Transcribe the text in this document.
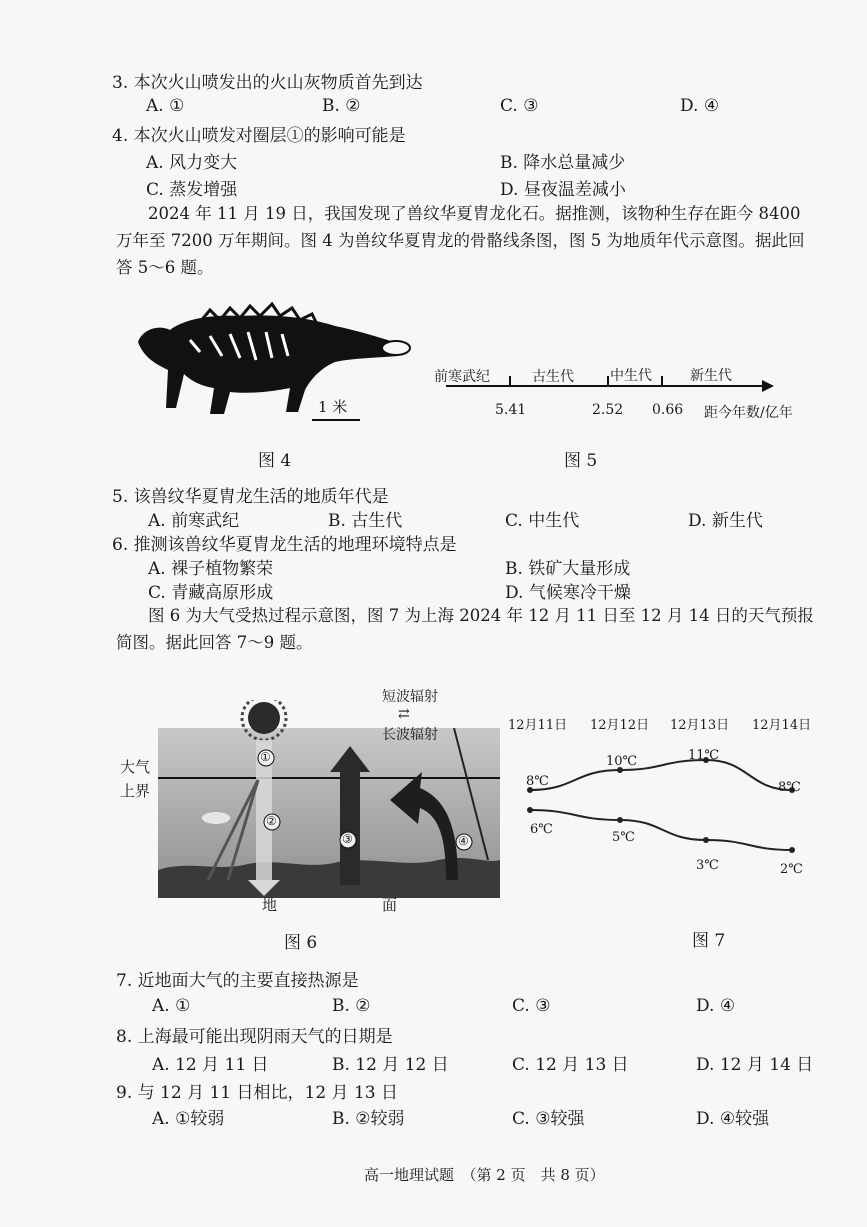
3. 本次火山喷发出的火山灰物质首先到达
A. ①	B. ②	C. ③	D. ④
4. 本次火山喷发对圈层①的影响可能是
A. 风力变大	B. 降水总量减少
C. 蒸发增强	D. 昼夜温差减小
2024 年 11 月 19 日，我国发现了兽纹华夏胄龙化石。据推测，该物种生存在距今 8400 万年至 7200 万年期间。图 4 为兽纹华夏胄龙的骨骼线条图，图 5 为地质年代示意图。据此回答 5～6 题。
1 米
图 4
前寒武纪	古生代	中生代	新生代
5.41	2.52 0.66 距今年数/亿年
图 5
5. 该兽纹华夏胄龙生活的地质年代是
A. 前寒武纪	B. 古生代	C. 中生代	D. 新生代
6. 推测该兽纹华夏胄龙生活的地理环境特点是
A. 裸子植物繁荣	B. 铁矿大量形成
C. 青藏高原形成	D. 气候寒冷干燥
图 6 为大气受热过程示意图，图 7 为上海 2024 年 12 月 11 日至 12 月 14 日的天气预报简图。据此回答 7～9 题。
①
②
③	④
短波辐射
⇄
长波辐射
大气
上界
地	面
图 6
12月11日 12月12日 12月13日 12月14日
8℃
10℃	11℃
8℃
6℃
5℃
3℃	2℃
图 7
7. 近地面大气的主要直接热源是
A. ①	B. ②	C. ③	D. ④
8. 上海最可能出现阴雨天气的日期是
A. 12 月 11 日	B. 12 月 12 日	C. 12 月 13 日	D. 12 月 14 日
9. 与 12 月 11 日相比，12 月 13 日
A. ①较弱	B. ②较弱	C. ③较强	D. ④较强
高一地理试题　（第 2 页　共 8 页）
